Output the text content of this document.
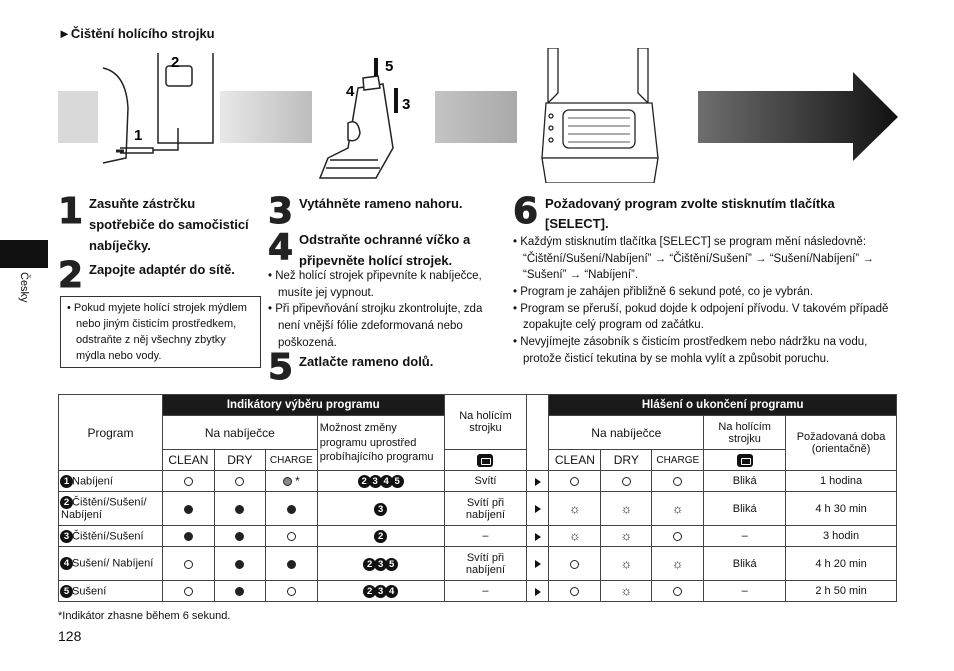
►Čištění holícího strojku
Česky
1
2
4
3
5
1 Zasuňte zástrčku spotřebiče do samočisticí nabíječky.
2 Zapojte adaptér do sítě.
• Pokud myjete holící strojek mýdlem nebo jiným čisticím prostředkem, odstraňte z něj všechny zbytky mýdla nebo vody.
3 Vytáhněte rameno nahoru.
4 Odstraňte ochranné víčko a připevněte holící strojek.
• Než holící strojek připevníte k nabíječce, musíte jej vypnout.
• Při připevňování strojku zkontrolujte, zda není vnější fólie zdeformovaná nebo poškozená.
5 Zatlačte rameno dolů.
6 Požadovaný program zvolte stisknutím tlačítka [SELECT].
• Každým stisknutím tlačítka [SELECT] se program mění následovně: “Čištění/Sušení/Nabíjení” → “Čištění/Sušení” → “Sušení/Nabíjení” → “Sušení” → “Nabíjení”.
• Program je zahájen přibližně 6 sekund poté, co je vybrán.
• Program se přeruší, pokud dojde k odpojení přívodu. V takovém případě zopakujte celý program od začátku.
• Nevyjímejte zásobník s čisticím prostředkem nebo nádržku na vodu, protože čisticí tekutina by se mohla vylít a způsobit poruchu.
Program	Indikátory výběru programu				Na holícím strojku		Hlášení o ukončení programu				
	Na nabíječce			Možnost změny programu uprostřed probíhajícího programu			Na nabíječce			Na holícím strojku	Požadovaná doba (orientačně)
	CLEAN	DRY	CHARGE				CLEAN	DRY	CHARGE		
1 Nabíjení			*	2 3 4 5	Svítí					Bliká	1 hodina
2 Čištění/Sušení/ Nabíjení				3	Svítí při nabíjení		☼	☼	☼	Bliká	4 h 30 min
3 Čištění/Sušení				2	–		☼	☼		–	3 hodin
4 Sušení/ Nabíjení				2 3 5	Svítí při nabíjení			☼	☼	Bliká	4 h 20 min
5 Sušení				2 3 4	–			☼		–	2 h 50 min
*Indikátor zhasne během 6 sekund.
128
